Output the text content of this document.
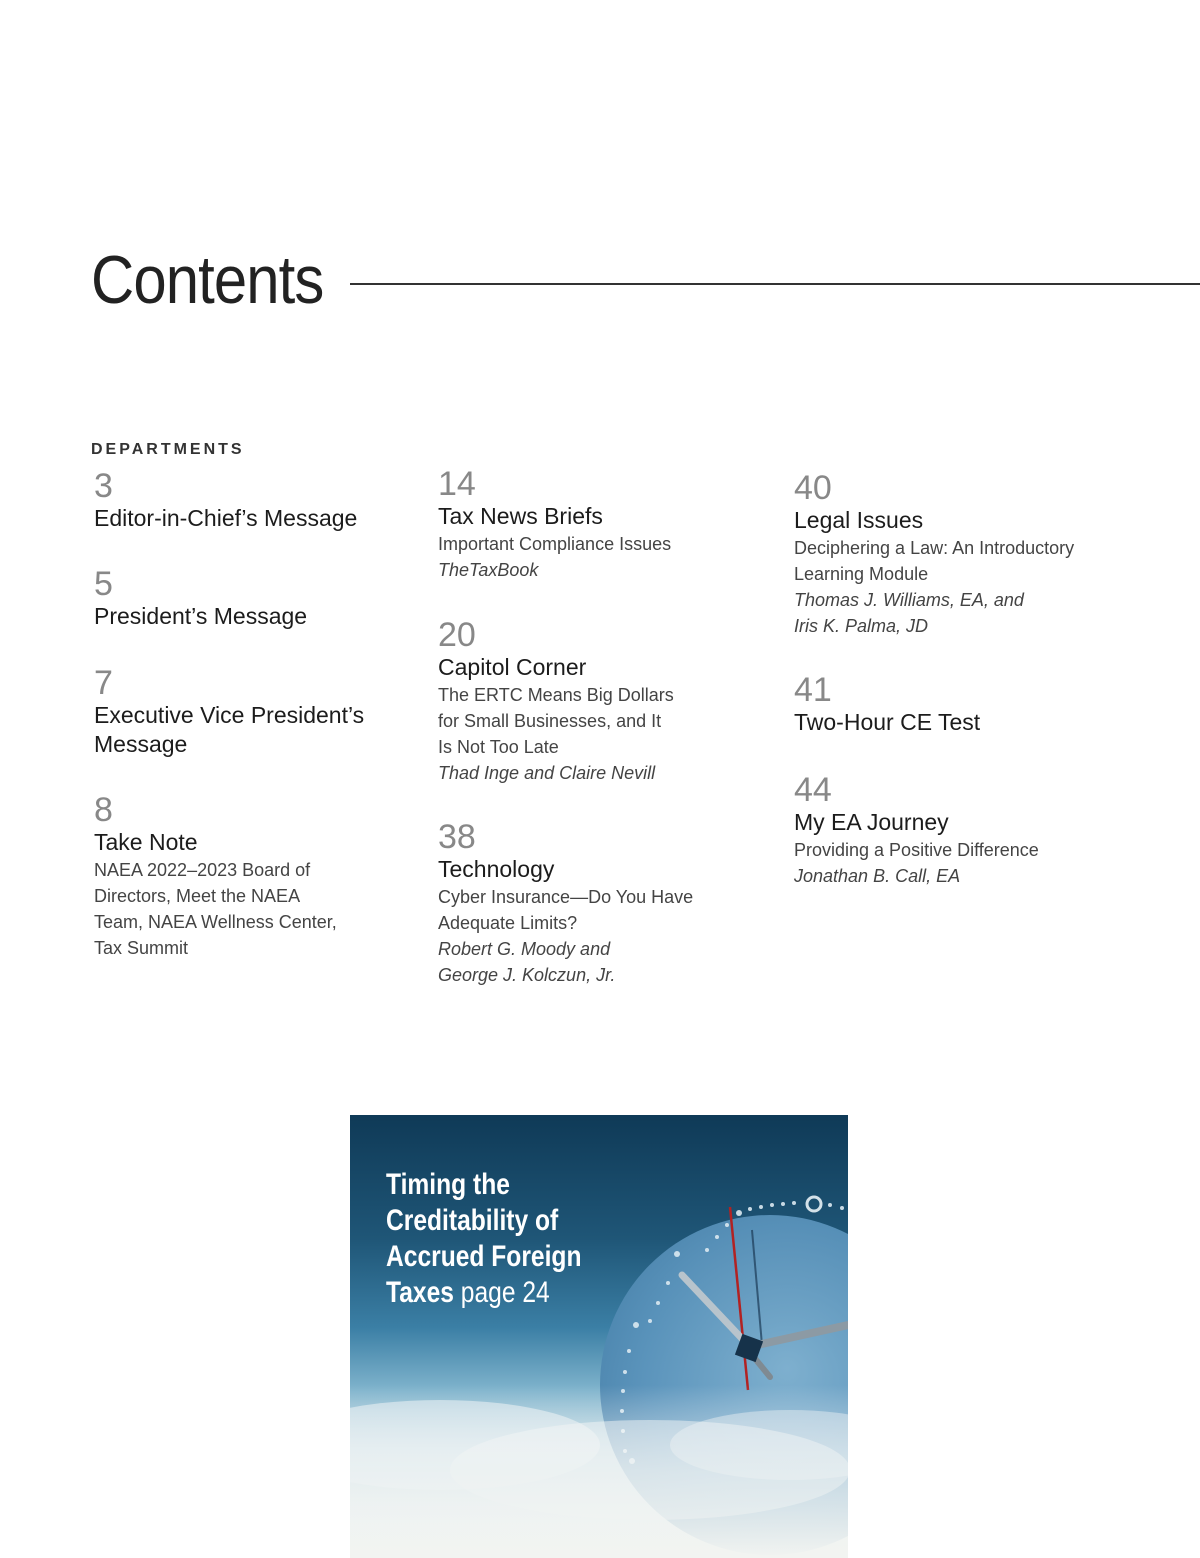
Contents
DEPARTMENTS
3
Editor-in-Chief’s Message
5
President’s Message
7
Executive Vice President’s
Message
8
Take Note
NAEA 2022–2023 Board of
Directors, Meet the NAEA
Team, NAEA Wellness Center,
Tax Summit
14
Tax News Briefs
Important Compliance Issues
TheTaxBook
20
Capitol Corner
The ERTC Means Big Dollars
for Small Businesses, and It
Is Not Too Late
Thad Inge and Claire Nevill
38
Technology
Cyber Insurance—Do You Have
Adequate Limits?
Robert G. Moody and
George J. Kolczun, Jr.
40
Legal Issues
Deciphering a Law: An Introductory
Learning Module
Thomas J. Williams, EA, and
Iris K. Palma, JD
41
Two-Hour CE Test
44
My EA Journey
Providing a Positive Difference
Jonathan B. Call, EA
Timing the
Creditability of
Accrued Foreign
Taxes page 24
